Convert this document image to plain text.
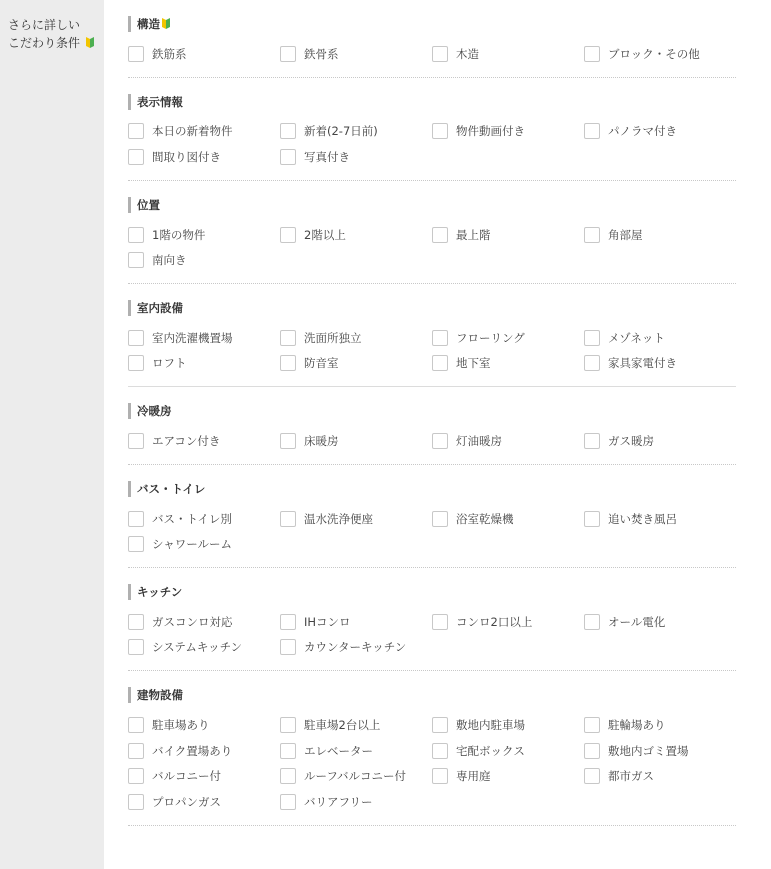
さらに詳しい
こだわり条件
構造
鉄筋系	鉄骨系	木造	ブロック・その他
表示情報
本日の新着物件	新着(2-7日前)	物件動画付き	パノラマ付き
間取り図付き	写真付き
位置
1階の物件	2階以上	最上階	角部屋
南向き
室内設備
室内洗濯機置場	洗面所独立	フローリング	メゾネット
ロフト	防音室	地下室	家具家電付き
冷暖房
エアコン付き	床暖房	灯油暖房	ガス暖房
バス・トイレ
バス・トイレ別	温水洗浄便座	浴室乾燥機	追い焚き風呂
シャワールーム
キッチン
ガスコンロ対応	IHコンロ	コンロ2口以上	オール電化
システムキッチン	カウンターキッチン
建物設備
駐車場あり	駐車場2台以上	敷地内駐車場	駐輪場あり
バイク置場あり	エレベーター	宅配ボックス	敷地内ゴミ置場
バルコニー付	ルーフバルコニー付	専用庭	都市ガス
プロパンガス	バリアフリー
